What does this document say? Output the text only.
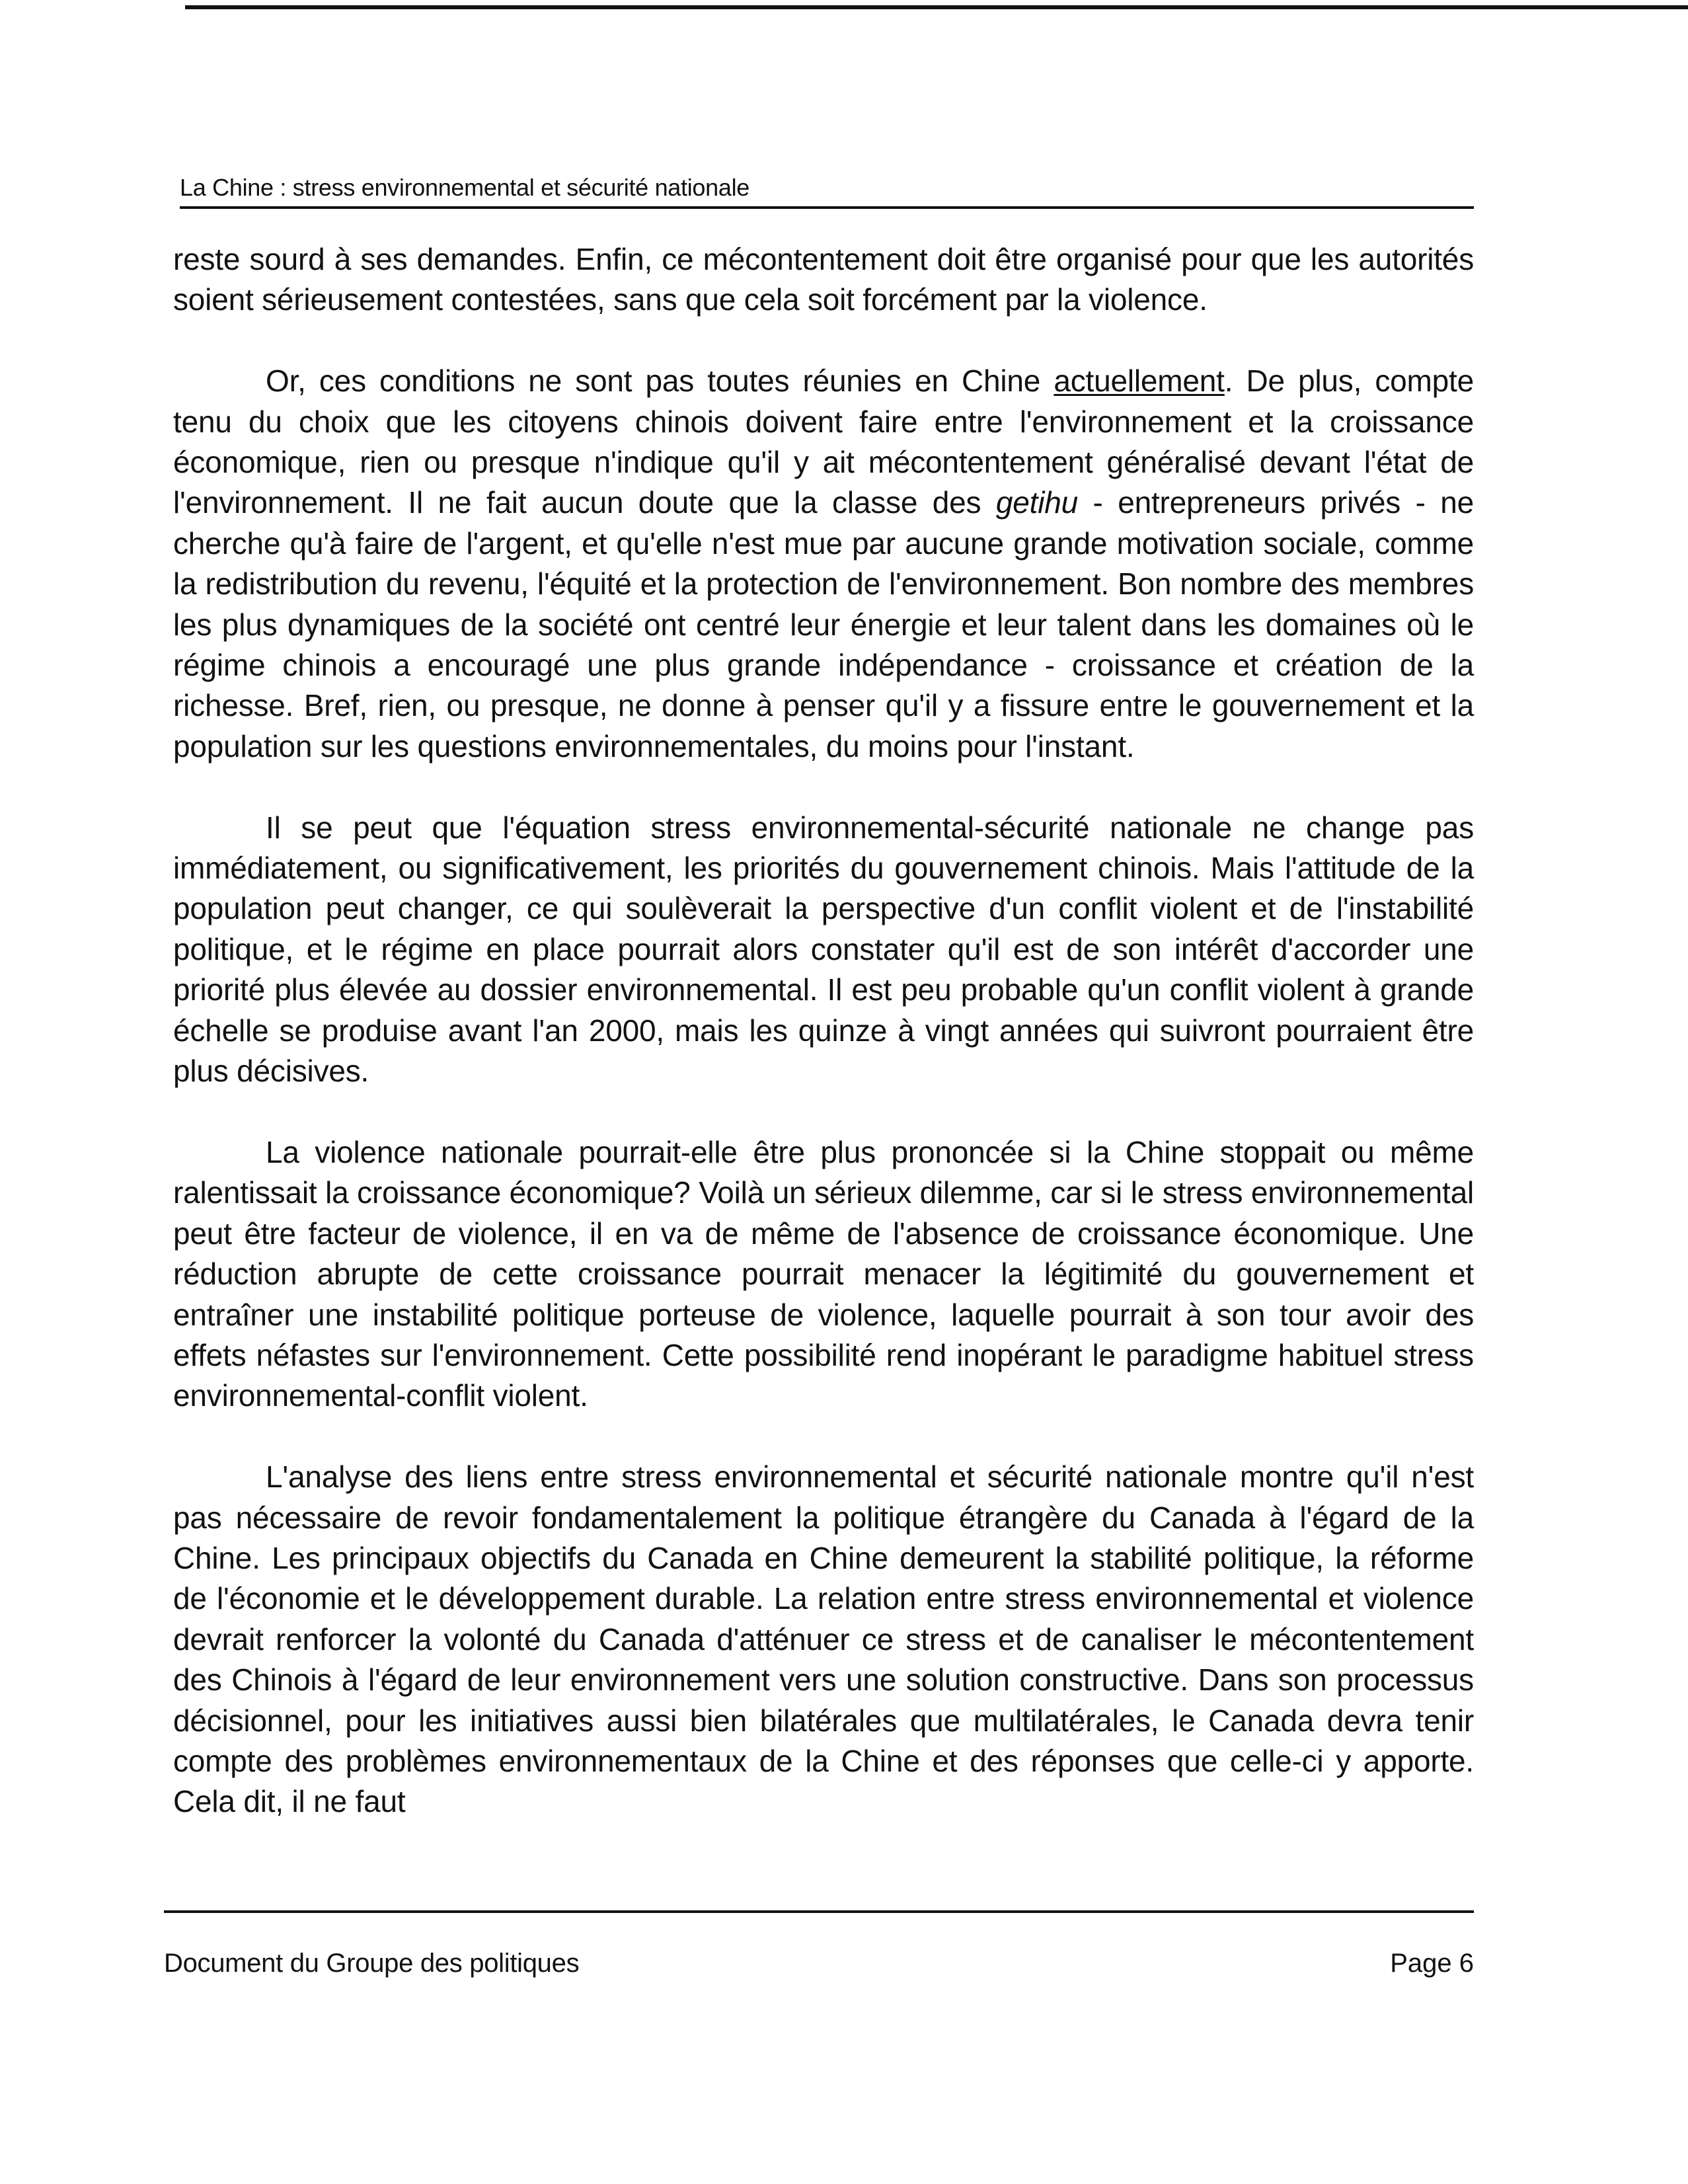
La Chine : stress environnemental et sécurité nationale

reste sourd à ses demandes. Enfin, ce mécontentement doit être organisé pour que les autorités soient sérieusement contestées, sans que cela soit forcément par la violence.

Or, ces conditions ne sont pas toutes réunies en Chine actuellement. De plus, compte tenu du choix que les citoyens chinois doivent faire entre l'environnement et la croissance économique, rien ou presque n'indique qu'il y ait mécontentement généralisé devant l'état de l'environnement. Il ne fait aucun doute que la classe des getihu - entrepreneurs privés - ne cherche qu'à faire de l'argent, et qu'elle n'est mue par aucune grande motivation sociale, comme la redistribution du revenu, l'équité et la protection de l'environnement. Bon nombre des membres les plus dynamiques de la société ont centré leur énergie et leur talent dans les domaines où le régime chinois a encouragé une plus grande indépendance - croissance et création de la richesse. Bref, rien, ou presque, ne donne à penser qu'il y a fissure entre le gouvernement et la population sur les questions environnementales, du moins pour l'instant.

Il se peut que l'équation stress environnemental-sécurité nationale ne change pas immédiatement, ou significativement, les priorités du gouvernement chinois. Mais l'attitude de la population peut changer, ce qui soulèverait la perspective d'un conflit violent et de l'instabilité politique, et le régime en place pourrait alors constater qu'il est de son intérêt d'accorder une priorité plus élevée au dossier environnemental. Il est peu probable qu'un conflit violent à grande échelle se produise avant l'an 2000, mais les quinze à vingt années qui suivront pourraient être plus décisives.

La violence nationale pourrait-elle être plus prononcée si la Chine stoppait ou même ralentissait la croissance économique? Voilà un sérieux dilemme, car si le stress environnemental peut être facteur de violence, il en va de même de l'absence de croissance économique. Une réduction abrupte de cette croissance pourrait menacer la légitimité du gouvernement et entraîner une instabilité politique porteuse de violence, laquelle pourrait à son tour avoir des effets néfastes sur l'environnement. Cette possibilité rend inopérant le paradigme habituel stress environnemental-conflit violent.

L'analyse des liens entre stress environnemental et sécurité nationale montre qu'il n'est pas nécessaire de revoir fondamentalement la politique étrangère du Canada à l'égard de la Chine. Les principaux objectifs du Canada en Chine demeurent la stabilité politique, la réforme de l'économie et le développement durable. La relation entre stress environnemental et violence devrait renforcer la volonté du Canada d'atténuer ce stress et de canaliser le mécontentement des Chinois à l'égard de leur environnement vers une solution constructive. Dans son processus décisionnel, pour les initiatives aussi bien bilatérales que multilatérales, le Canada devra tenir compte des problèmes environnementaux de la Chine et des réponses que celle-ci y apporte. Cela dit, il ne faut

Document du Groupe des politiques	Page 6
